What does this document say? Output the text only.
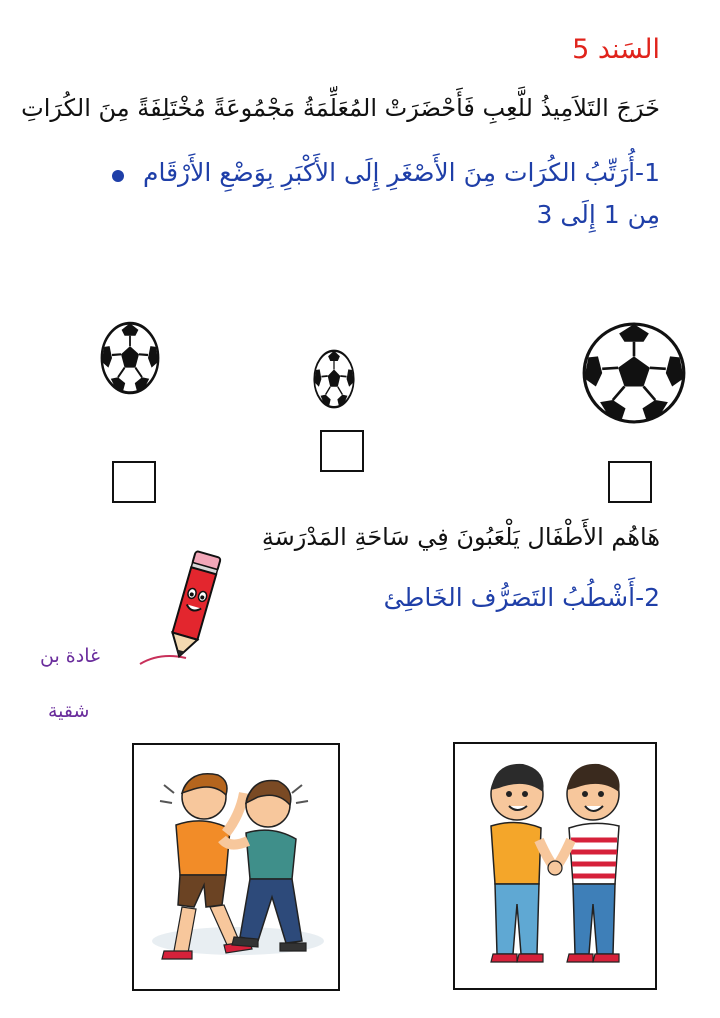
السَند 5
خَرَجَ التَلاَمِيذُ للَّعِبِ فَأَحْضَرَتْ المُعَلِّمَةُ مَجْمُوعَةً مُخْتَلِفَةً مِنَ الكُرَاتِ
1-أُرَتِّبُ الكُرَات مِنَ الأَصْغَرِ إِلَى الأَكْبَرِ بِوَضْعِ الأَرْقَام
مِن 1 إِلَى 3
هَاهُم الأَطْفَال يَلْعَبُونَ فِي سَاحَةِ المَدْرَسَةِ
2-أَشْطُبُ التَصَرُّف الخَاطِئ
غادة بن
شقية
